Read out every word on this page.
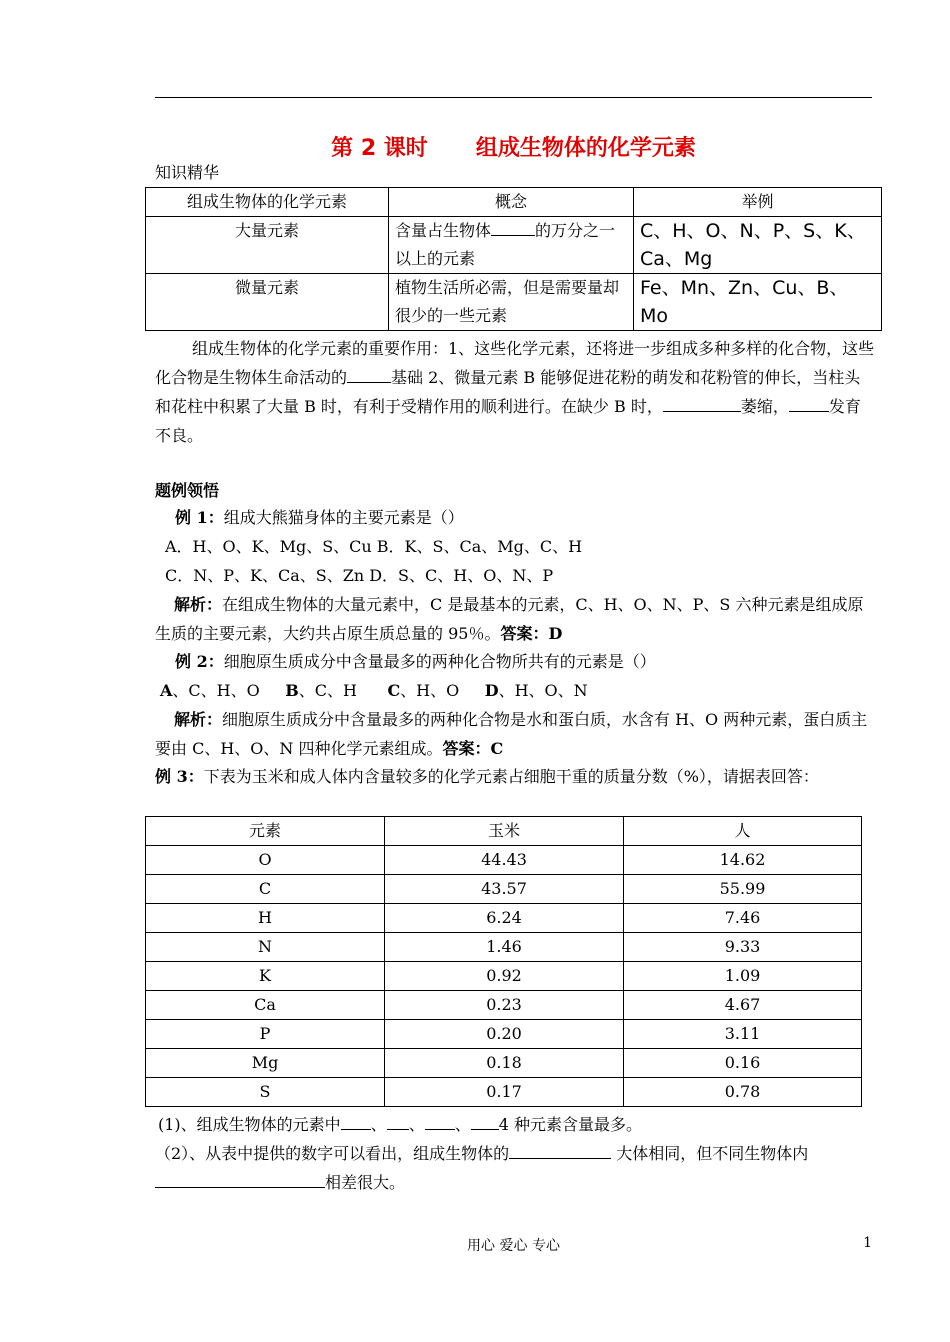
第 2 课时 组成生物体的化学元素
知识精华
组成生物体的化学元素	概念	举例
大量元素	含量占生物体 的万分之一以上的元素	C、H、O、N、P、S、K、Ca、Mg
微量元素	植物生活所必需，但是需要量却很少的一些元素	Fe、Mn、Zn、Cu、B、Mo
组成生物体的化学元素的重要作用：1、这些化学元素，还将进一步组成多种多样的化合物，这些化合物是生物体生命活动的	基础 2、微量元素 B 能够促进花粉的萌发和花粉管的伸长，当柱头和花柱中积累了大量 B 时，有利于受精作用的顺利进行。在缺少 B 时，	萎缩，	发育不良。
题例领悟
例 1：组成大熊猫身体的主要元素是（）
A．H、O、K、Mg、S、Cu B．K、S、Ca、Mg、C、H
C．N、P、K、Ca、S、Zn D．S、C、H、O、N、P
解析：在组成生物体的大量元素中，C 是最基本的元素，C、H、O、N、P、S 六种元素是组成原生质的主要元素，大约共占原生质总量的 95％。答案：D
例 2：细胞原生质成分中含量最多的两种化合物所共有的元素是（）
A、C、H、O B、C、H C、H、O D、H、O、N
解析：细胞原生质成分中含量最多的两种化合物是水和蛋白质，水含有 H、O 两种元素，蛋白质主要由 C、H、O、N 四种化学元素组成。答案：C
例 3：下表为玉米和成人体内含量较多的化学元素占细胞干重的质量分数（%），请据表回答：
元素	玉米	人
O	44.43	14.62
C	43.57	55.99
H	6.24	7.46
N	1.46	9.33
K	0.92	1.09
Ca	0.23	4.67
P	0.20	3.11
Mg	0.18	0.16
S	0.17	0.78
(1)、组成生物体的元素中 、 、 、 4 种元素含量最多。
（2）、从表中提供的数字可以看出，组成生物体的	大体相同，但不同生物体内相差很大。
用心 爱心 专心	1
